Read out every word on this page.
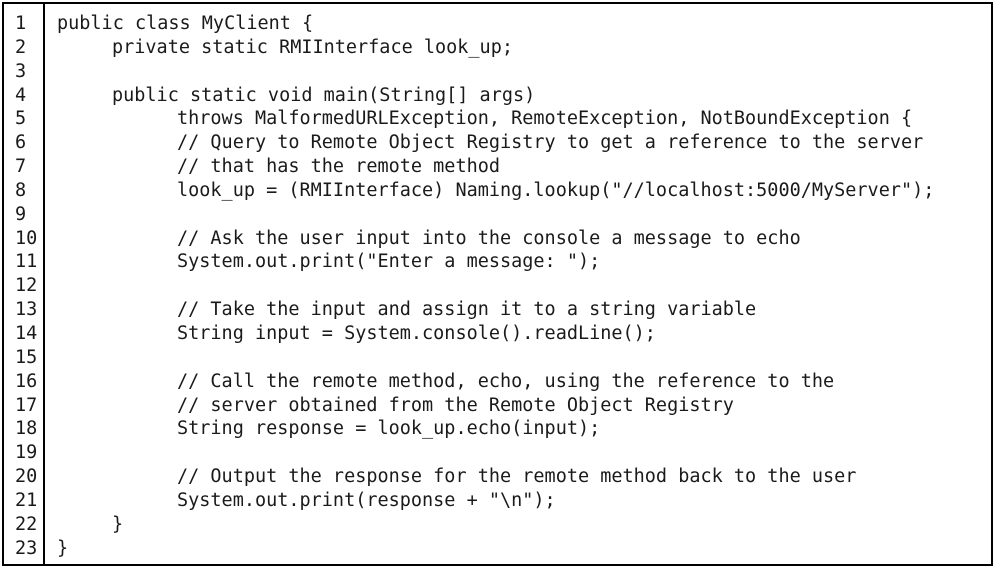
1	public class MyClient {
2	private static RMIInterface look_up;
3
4	public static void main(String[] args)
5	throws MalformedURLException, RemoteException, NotBoundException {
6	// Query to Remote Object Registry to get a reference to the server
7	// that has the remote method
8	look_up = (RMIInterface) Naming.lookup("//localhost:5000/MyServer");
9
10	// Ask the user input into the console a message to echo
11	System.out.print("Enter a message: ");
12
13	// Take the input and assign it to a string variable
14	String input = System.console().readLine();
15
16	// Call the remote method, echo, using the reference to the
17	// server obtained from the Remote Object Registry
18	String response = look_up.echo(input);
19
20	// Output the response for the remote method back to the user
21	System.out.print(response + "\n");
22	}
23	}
